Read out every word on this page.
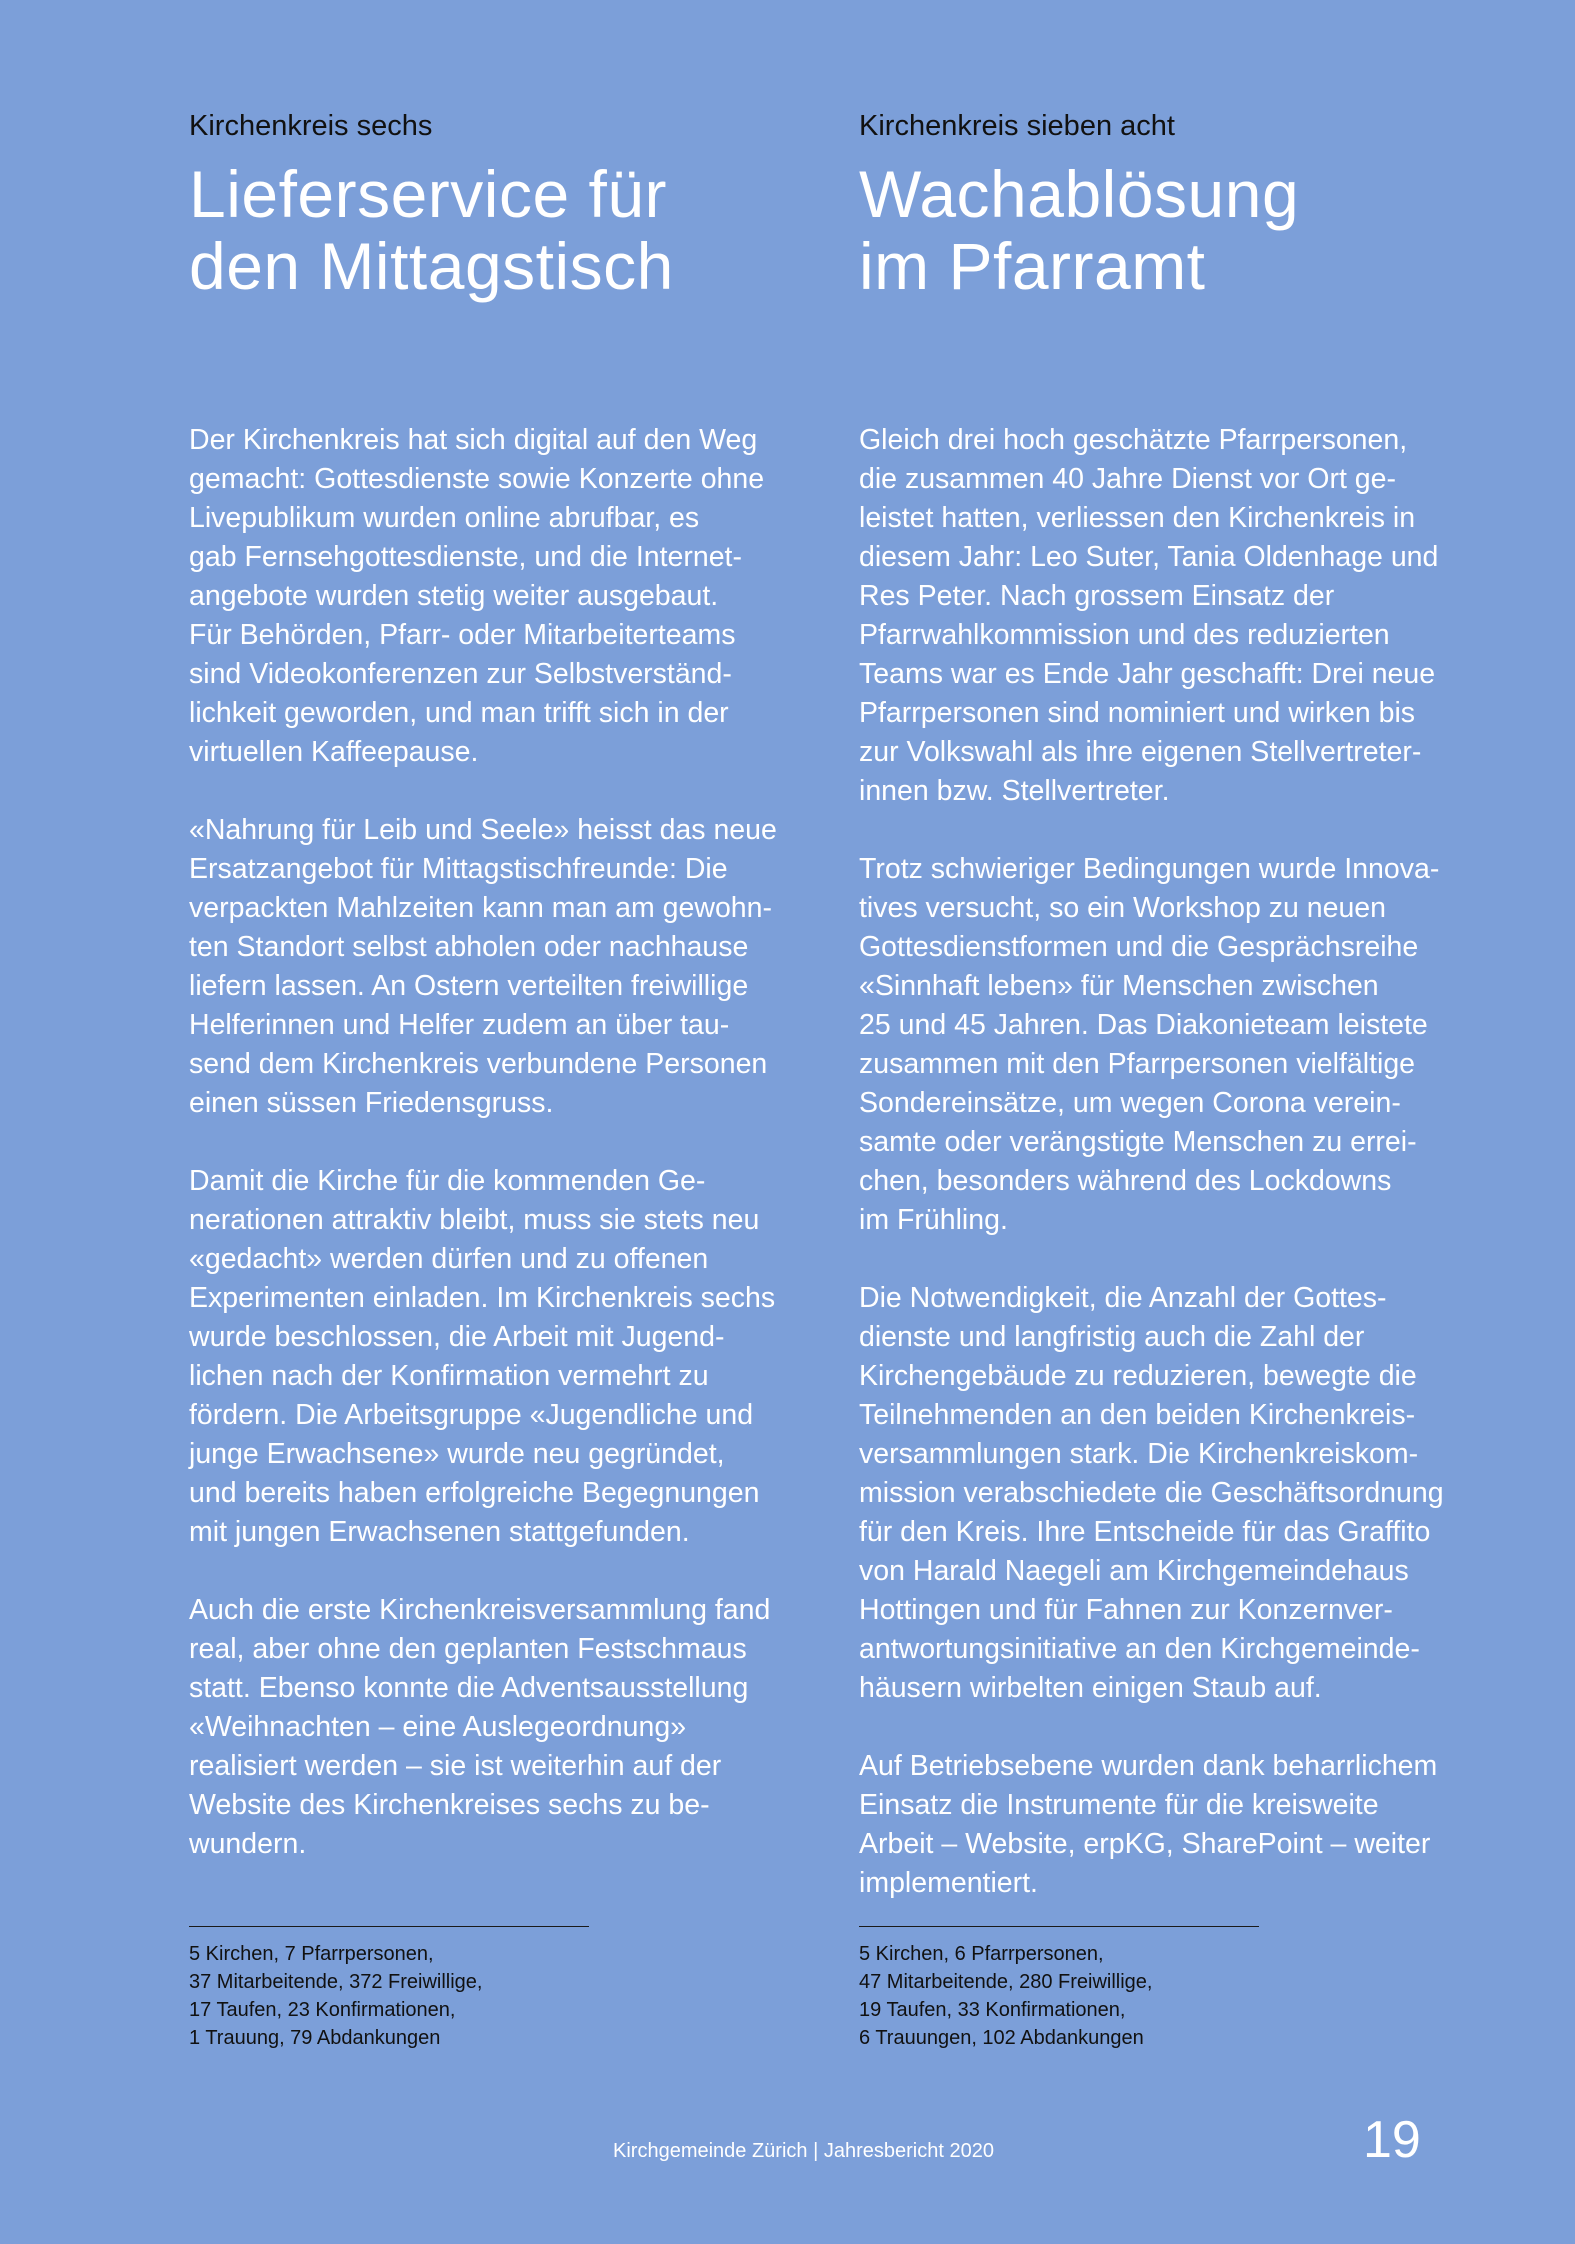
Kirchenkreis sechs
Lieferservice für
den Mittagstisch

Der Kirchenkreis hat sich digital auf den Weg
gemacht: Gottesdienste sowie Konzerte ohne
Livepublikum wurden online abrufbar, es
gab Fernsehgottesdienste, und die Internet-
angebote wurden stetig weiter ausgebaut.
Für Behörden, Pfarr- oder Mitarbeiterteams
sind Videokonferenzen zur Selbstverständ-
lichkeit geworden, und man trifft sich in der
virtuellen Kaffeepause.

«Nahrung für Leib und Seele» heisst das neue
Ersatzangebot für Mittagstischfreunde: Die
verpackten Mahlzeiten kann man am gewohn-
ten Standort selbst abholen oder nachhause
liefern lassen. An Ostern verteilten freiwillige
Helferinnen und Helfer zudem an über tau-
send dem Kirchenkreis verbundene Personen
einen süssen Friedensgruss.

Damit die Kirche für die kommenden Ge-
nerationen attraktiv bleibt, muss sie stets neu
«gedacht» werden dürfen und zu offenen
Experimenten einladen. Im Kirchenkreis sechs
wurde beschlossen, die Arbeit mit Jugend-
lichen nach der Konfirmation vermehrt zu
fördern. Die Arbeitsgruppe «Jugendliche und
junge Erwachsene» wurde neu gegründet,
und bereits haben erfolgreiche Begegnungen
mit jungen Erwachsenen stattgefunden.

Auch die erste Kirchenkreisversammlung fand
real, aber ohne den geplanten Festschmaus
statt. Ebenso konnte die Adventsausstellung
«Weihnachten – eine Auslegeordnung»
realisiert werden – sie ist weiterhin auf der
Website des Kirchenkreises sechs zu be-
wundern.

5 Kirchen, 7 Pfarrpersonen,
37 Mitarbeitende, 372 Freiwillige,
17 Taufen, 23 Konfirmationen,
1 Trauung, 79 Abdankungen
Kirchenkreis sieben acht
Wachablösung
im Pfarramt

Gleich drei hoch geschätzte Pfarrpersonen,
die zusammen 40 Jahre Dienst vor Ort ge-
leistet hatten, verliessen den Kirchenkreis in
diesem Jahr: Leo Suter, Tania Oldenhage und
Res Peter. Nach grossem Einsatz der
Pfarrwahlkommission und des reduzierten
Teams war es Ende Jahr geschafft: Drei neue
Pfarrpersonen sind nominiert und wirken bis
zur Volkswahl als ihre eigenen Stellvertreter-
innen bzw. Stellvertreter.

Trotz schwieriger Bedingungen wurde Innova-
tives versucht, so ein Workshop zu neuen
Gottesdienstformen und die Gesprächsreihe
«Sinnhaft leben» für Menschen zwischen
25 und 45 Jahren. Das Diakonieteam leistete
zusammen mit den Pfarrpersonen vielfältige
Sondereinsätze, um wegen Corona verein-
samte oder verängstigte Menschen zu errei-
chen, besonders während des Lockdowns
im Frühling.

Die Notwendigkeit, die Anzahl der Gottes-
dienste und langfristig auch die Zahl der
Kirchengebäude zu reduzieren, bewegte die
Teilnehmenden an den beiden Kirchenkreis-
versammlungen stark. Die Kirchenkreiskom-
mission verabschiedete die Geschäftsordnung
für den Kreis. Ihre Entscheide für das Graffito
von Harald Naegeli am Kirchgemeindehaus
Hottingen und für Fahnen zur Konzernver-
antwortungsinitiative an den Kirchgemeinde-
häusern wirbelten einigen Staub auf.

Auf Betriebsebene wurden dank beharrlichem
Einsatz die Instrumente für die kreisweite
Arbeit – Website, erpKG, SharePoint – weiter
implementiert.

5 Kirchen, 6 Pfarrpersonen,
47 Mitarbeitende, 280 Freiwillige,
19 Taufen, 33 Konfirmationen,
6 Trauungen, 102 Abdankungen
Kirchgemeinde Zürich | Jahresbericht 2020	19
